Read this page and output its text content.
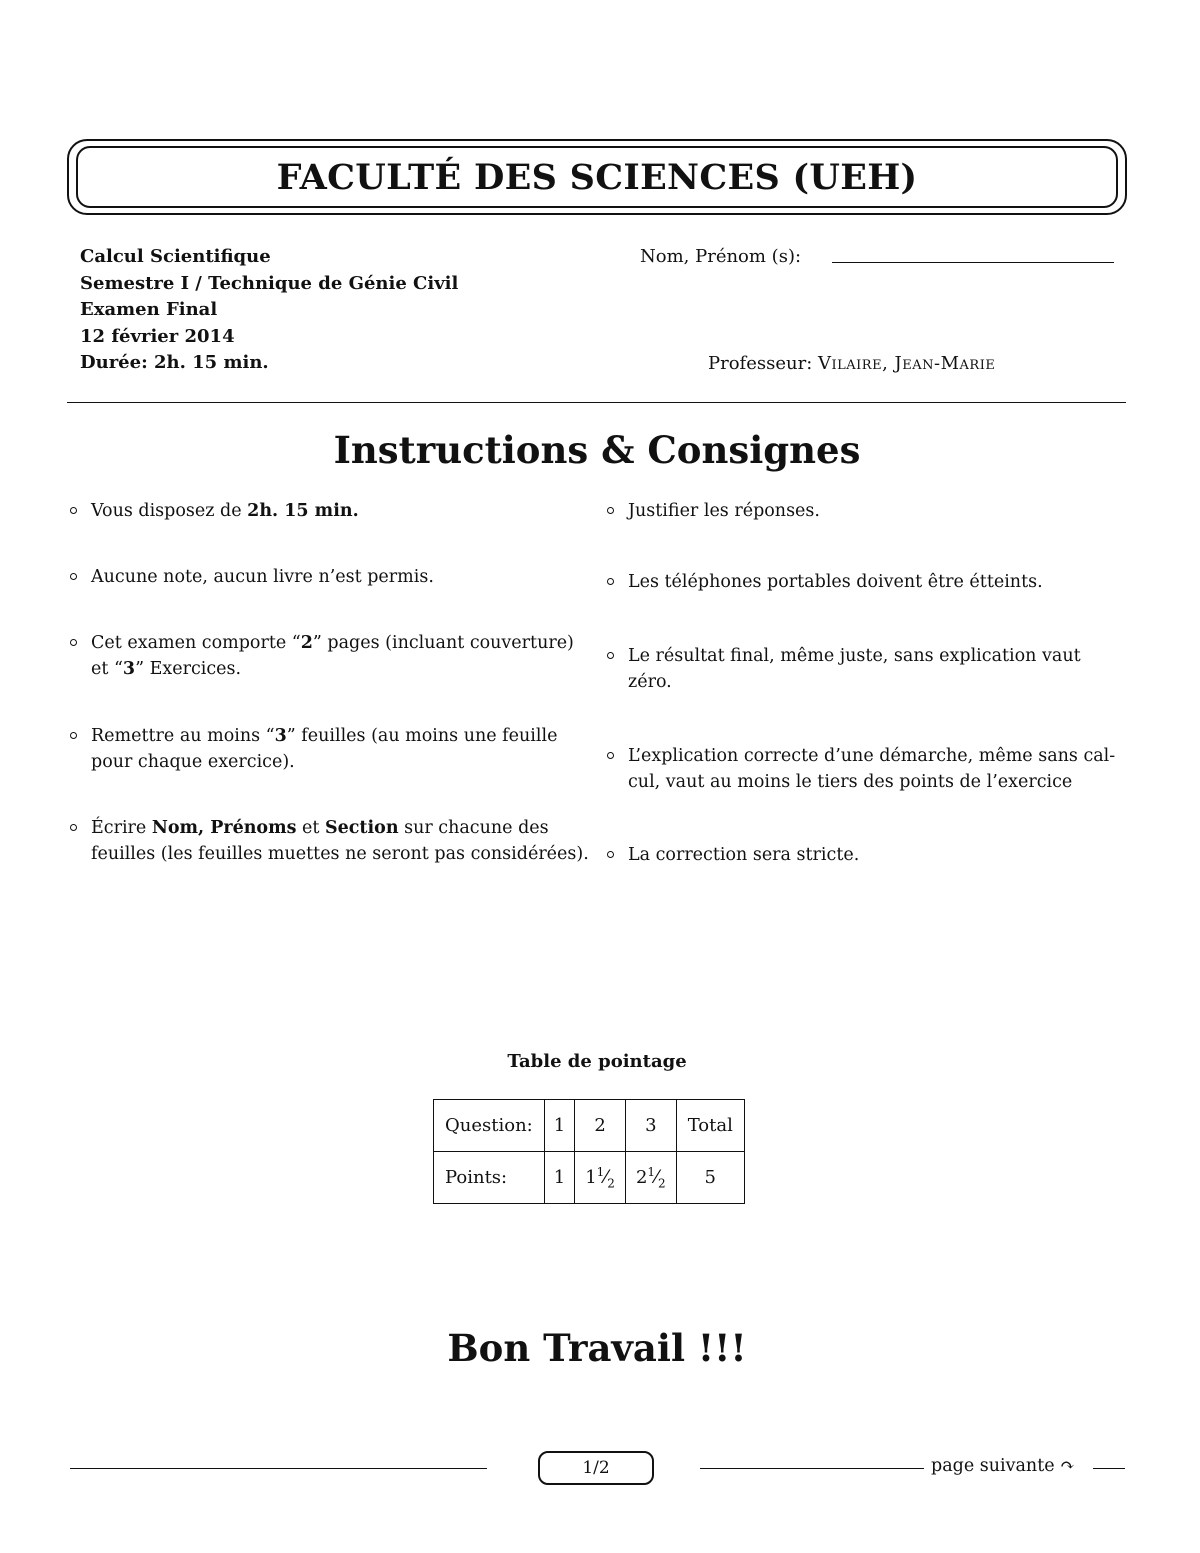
FACULTÉ DES SCIENCES (UEH)
Calcul Scientifique
Semestre I / Technique de Génie Civil
Examen Final
12 février 2014
Durée: 2h. 15 min.
Nom, Prénom (s):
Professeur: Vilaire, Jean-Marie
Instructions & Consignes
Vous disposez de 2h. 15 min.
Aucune note, aucun livre n’est permis.
Cet examen comporte “2” pages (incluant couverture)
et “3” Exercices.
Remettre au moins “3” feuilles (au moins une feuille
pour chaque exercice).
Écrire Nom, Prénoms et Section sur chacune des
feuilles (les feuilles muettes ne seront pas considérées).
Justifier les réponses.
Les téléphones portables doivent être étteints.
Le résultat final, même juste, sans explication vaut
zéro.
L’explication correcte d’une démarche, même sans cal-
cul, vaut au moins le tiers des points de l’exercice
La correction sera stricte.
Table de pointage
Question:	1	2	3	Total
Points:	1	$1^1⁄_2$	$2^1⁄_2$	5
Bon Travail !!!
1/2	page suivante ↷
